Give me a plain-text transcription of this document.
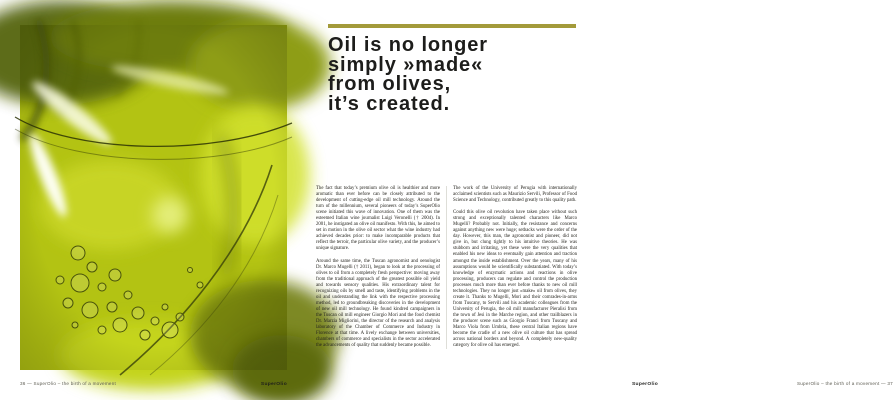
36 — SuperOlio – the birth of a movement	SuperOlio
Oil is no longer
simply »made«
from olives,
it’s created.

The fact that today’s premium olive oil is healthier and more aromatic than ever before can be closely attributed to the development of cutting-edge oil mill technology. Around the turn of the millennium, several pioneers of today’s SuperOlio scene initiated this wave of innovation. One of them was the esteemed Italian wine journalist Luigi Veronelli († 2004). In 2001, he instigated an olive oil manifesto. With this, he aimed to set in motion in the olive oil sector what the wine industry had achieved decades prior: to make incomparable products that reflect the terroir, the particular olive variety, and the producer’s unique signature.

Around the same time, the Tuscan agronomist and oenologist Dr. Marco Mugelli († 2011), began to look at the processing of olives to oil from a completely fresh perspective: moving away from the traditional approach of the greatest possible oil yield and towards sensory qualities. His extraordinary talent for recognizing oils by smell and taste, identifying problems in the oil and understanding the link with the respective processing method, led to groundbreaking discoveries in the development of new oil mill technology. He found kindred campaigners in the Tuscan oil mill engineer Giorgio Mori and the food chemist Dr. Marzia Migliorini, the director of the research and analysis laboratory of the Chamber of Commerce and Industry in Florence at that time. A lively exchange between universities, chambers of commerce and specialists in the sector accelerated the advancements of quality that suddenly became possible.

The work of the University of Perugia with internationally acclaimed scientists such as Maurizio Servili, Professor of Food Science and Technology, contributed greatly to this quality path.

Could this olive oil revolution have taken place without such strong and exceptionally talented characters like Marco Mugelli? Probably not. Initially, the resistance and concerns against anything new were huge; setbacks were the order of the day. However, this man, the agronomist and pioneer, did not give in, but clung tightly to his intuitive theories. He was stubborn and irritating, yet these were the very qualities that enabled his new ideas to eventually gain attention and traction amongst the inside establishment. Over the years, many of his assumptions would be scientifically substantiated. With today’s knowledge of enzymatic actions and reactions in olive processing, producers can regulate and control the production processes much more than ever before thanks to new oil mill technologies. They no longer just »make« oil from olives, they create it. Thanks to Mugelli, Mori and their comrades-in-arms from Tuscany, to Servili and his academic colleagues from the University of Perugia, the oil mill manufacturer Pieralisi from the town of Jesi in the Marche region, and other trailblazers in the producer scene such as Giorgio Franci from Tuscany and Marco Viola from Umbria, these central Italian regions have become the cradle of a new olive oil culture that has spread across national borders and beyond. A completely new-quality category for olive oil has emerged.

SuperOlio	SuperOlio – the birth of a movement — 37
